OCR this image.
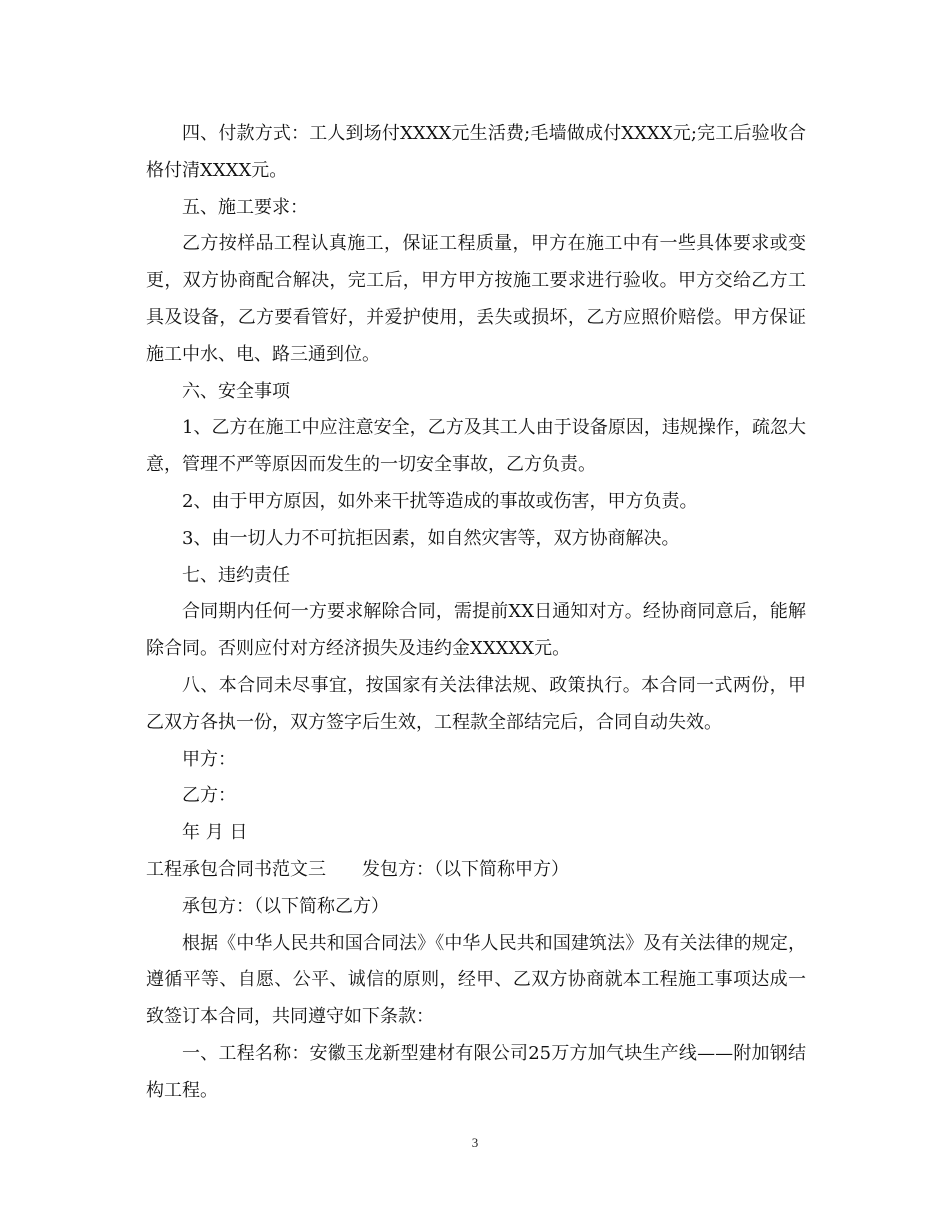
四、付款方式：工人到场付XXXX元生活费;毛墙做成付XXXX元;完工后验收合格付清XXXX元。

五、施工要求：

乙方按样品工程认真施工，保证工程质量，甲方在施工中有一些具体要求或变更，双方协商配合解决，完工后，甲方甲方按施工要求进行验收。甲方交给乙方工具及设备，乙方要看管好，并爱护使用，丢失或损坏，乙方应照价赔偿。甲方保证施工中水、电、路三通到位。

六、安全事项

1、乙方在施工中应注意安全，乙方及其工人由于设备原因，违规操作，疏忽大意，管理不严等原因而发生的一切安全事故，乙方负责。

2、由于甲方原因，如外来干扰等造成的事故或伤害，甲方负责。

3、由一切人力不可抗拒因素，如自然灾害等，双方协商解决。

七、违约责任

合同期内任何一方要求解除合同，需提前XX日通知对方。经协商同意后，能解除合同。否则应付对方经济损失及违约金XXXXX元。

八、本合同未尽事宜，按国家有关法律法规、政策执行。本合同一式两份，甲乙双方各执一份，双方签字后生效，工程款全部结完后，合同自动失效。

甲方：

乙方：

年 月 日

工程承包合同书范文三　　发包方：（以下简称甲方）

承包方：（以下简称乙方）

根据《中华人民共和国合同法》《中华人民共和国建筑法》及有关法律的规定，遵循平等、自愿、公平、诚信的原则，经甲、乙双方协商就本工程施工事项达成一致签订本合同，共同遵守如下条款：

一、工程名称：安徽玉龙新型建材有限公司25万方加气块生产线——附加钢结构工程。

3
